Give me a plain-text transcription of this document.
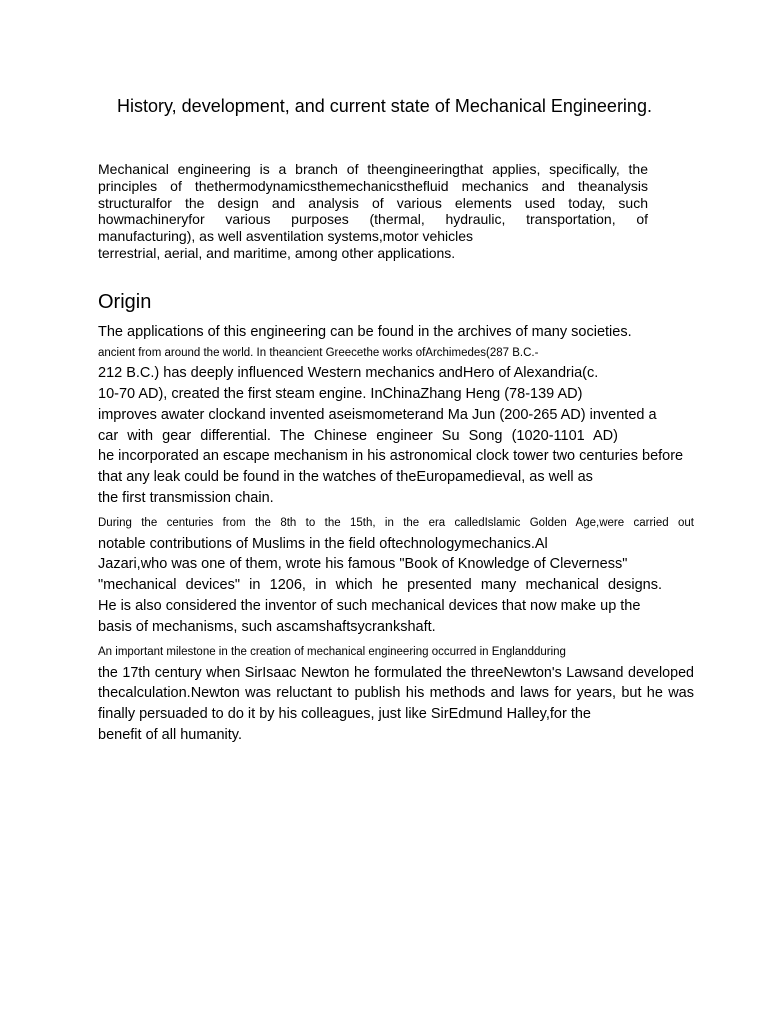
History, development, and current state of Mechanical Engineering.
Mechanical engineering is a branch of theengineeringthat applies, specifically, the
principles of thethermodynamicsthemechanicsthefluid mechanics and theanalysis
structuralfor the design and analysis of various elements used today, such
howmachineryfor various purposes (thermal, hydraulic, transportation, of
manufacturing), as well asventilation systems,motor vehicles
terrestrial, aerial, and maritime, among other applications.
Origin
The applications of this engineering can be found in the archives of many societies.
ancient from around the world. In theancient Greecethe works ofArchimedes(287 B.C.-
212 B.C.) has deeply influenced Western mechanics andHero of Alexandria(c.
10-70 AD), created the first steam engine. InChinaZhang Heng (78-139 AD)
improves awater clockand invented aseismometerand Ma Jun (200-265 AD) invented a
car with gear differential. The Chinese engineer Su Song (1020-1101 AD)
he incorporated an escape mechanism in his astronomical clock tower two centuries before
that any leak could be found in the watches of theEuropamedieval, as well as
the first transmission chain.
During the centuries from the 8th to the 15th, in the era calledIslamic Golden Age,were carried out
notable contributions of Muslims in the field oftechnologymechanics.Al
Jazari,who was one of them, wrote his famous "Book of Knowledge of Cleverness"
"mechanical devices" in 1206, in which he presented many mechanical designs.
He is also considered the inventor of such mechanical devices that now make up the
basis of mechanisms, such ascamshaftsycrankshaft.
An important milestone in the creation of mechanical engineering occurred in Englandduring
the 17th century when SirIsaac Newton he formulated the threeNewton's Lawsand developed
thecalculation.Newton was reluctant to publish his methods and laws for years, but he was
finally persuaded to do it by his colleagues, just like SirEdmund Halley,for the
benefit of all humanity.
